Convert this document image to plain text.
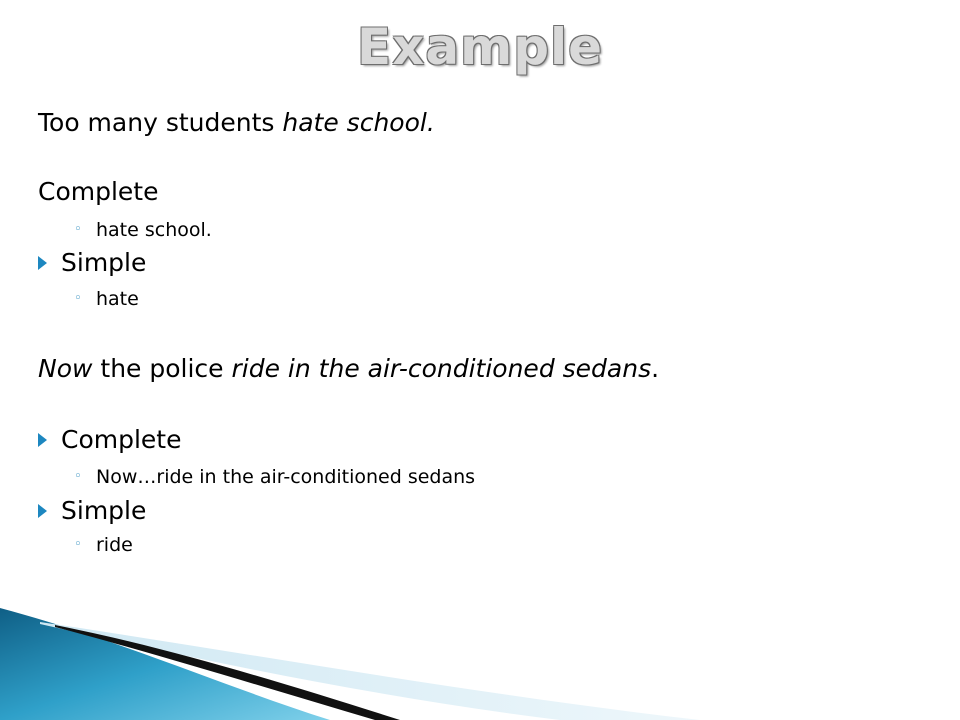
Example
Too many students hate school.
Complete
◦ hate school.
Simple
◦ hate
Now the police ride in the air-conditioned sedans.
Complete
◦ Now…ride in the air-conditioned sedans
Simple
◦ ride
